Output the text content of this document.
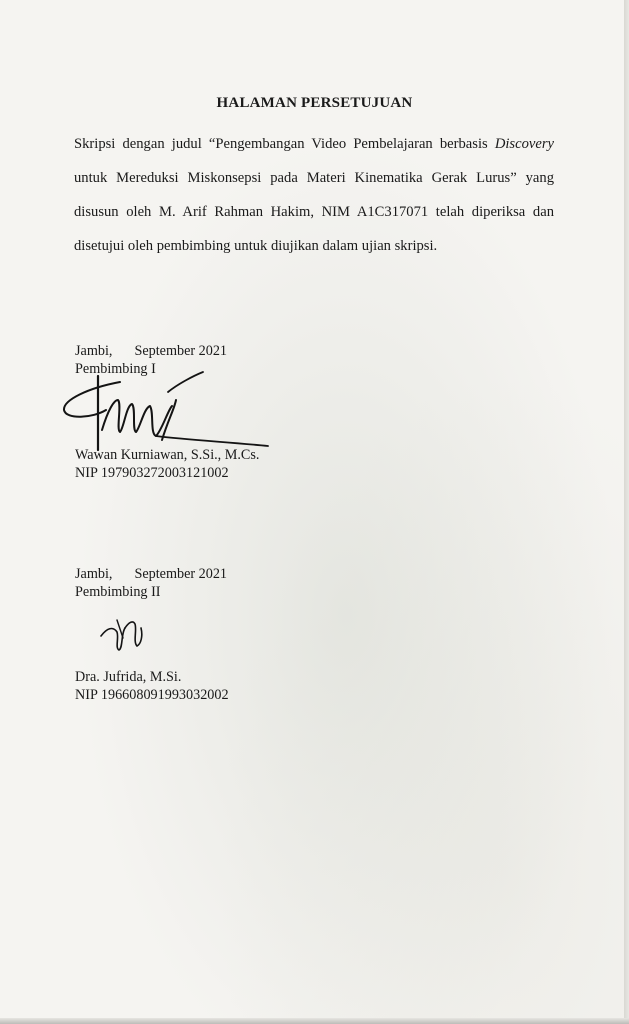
HALAMAN PERSETUJUAN
Skripsi dengan judul “Pengembangan Video Pembelajaran berbasis Discovery
untuk Mereduksi Miskonsepsi pada Materi Kinematika Gerak Lurus” yang
disusun oleh M. Arif Rahman Hakim, NIM A1C317071 telah diperiksa dan
disetujui oleh pembimbing untuk diujikan dalam ujian skripsi.
Jambi, September 2021
Pembimbing I
Wawan Kurniawan, S.Si., M.Cs.
NIP 197903272003121002
Jambi, September 2021
Pembimbing II
Dra. Jufrida, M.Si.
NIP 196608091993032002
